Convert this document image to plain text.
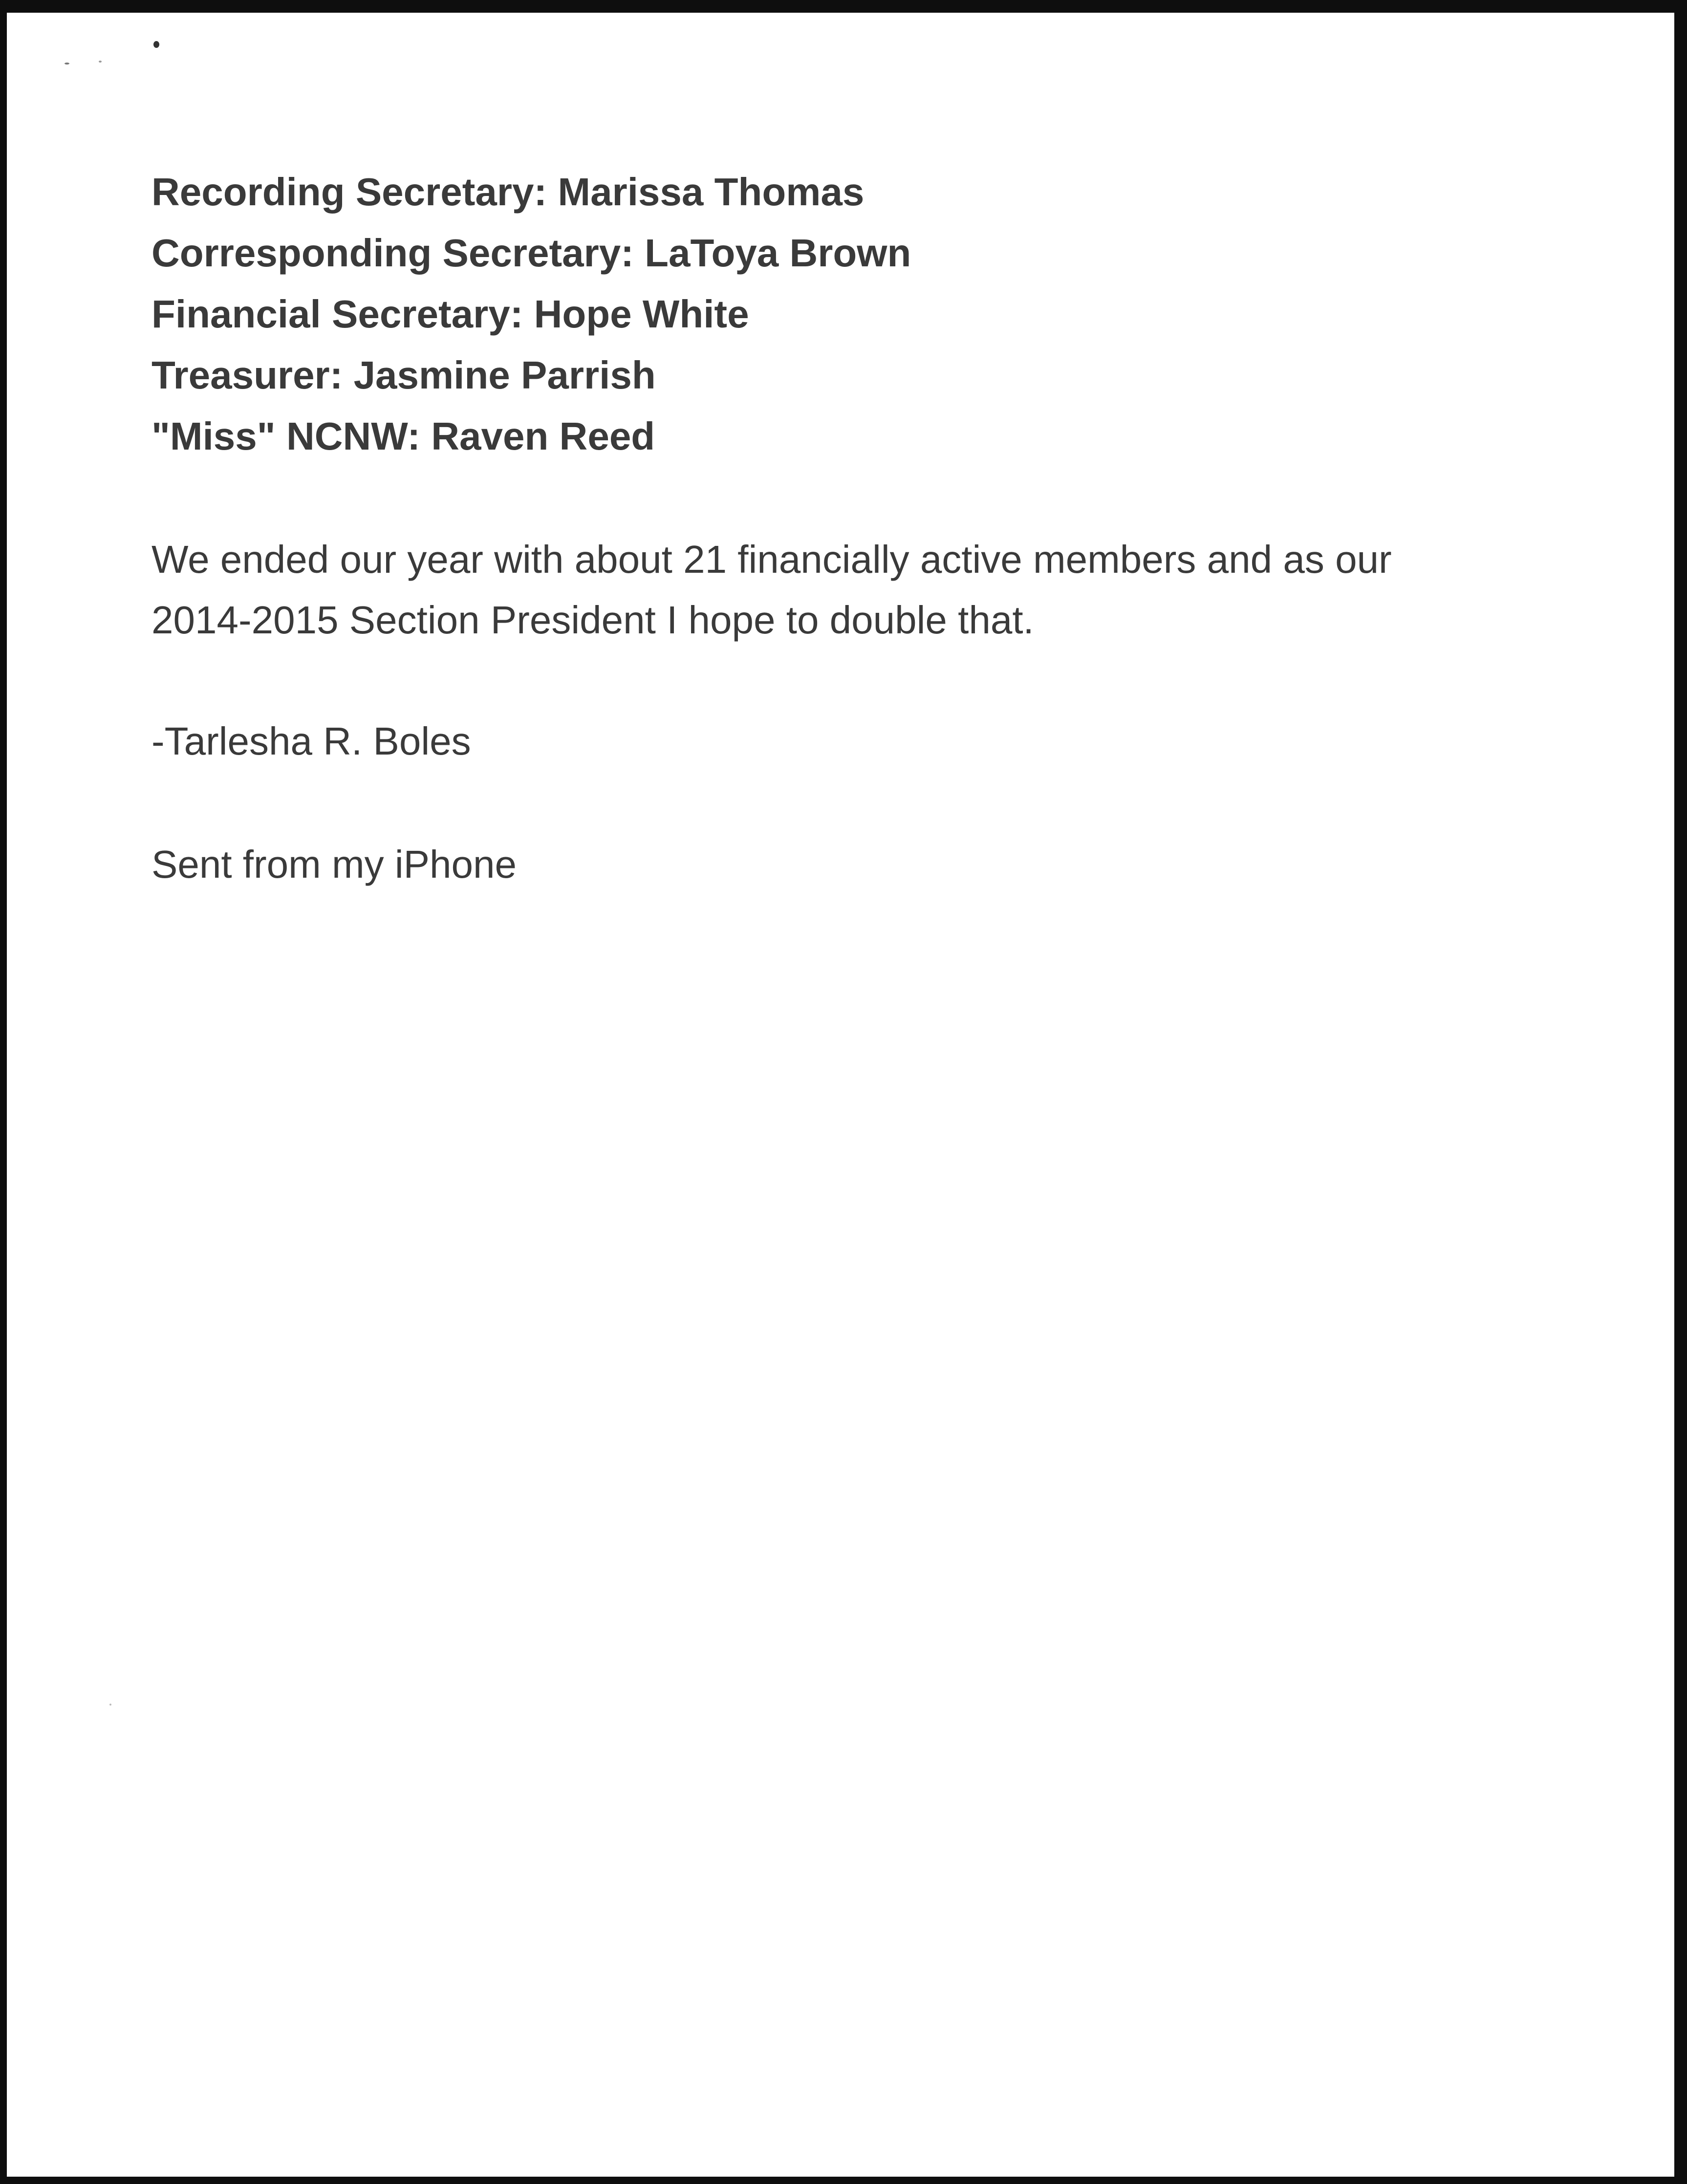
Recording Secretary: Marissa Thomas
Corresponding Secretary: LaToya Brown
Financial Secretary: Hope White
Treasurer: Jasmine Parrish
"Miss" NCNW: Raven Reed
We ended our year with about 21 financially active members and as our
2014-2015 Section President I hope to double that.
-Tarlesha R. Boles
Sent from my iPhone
